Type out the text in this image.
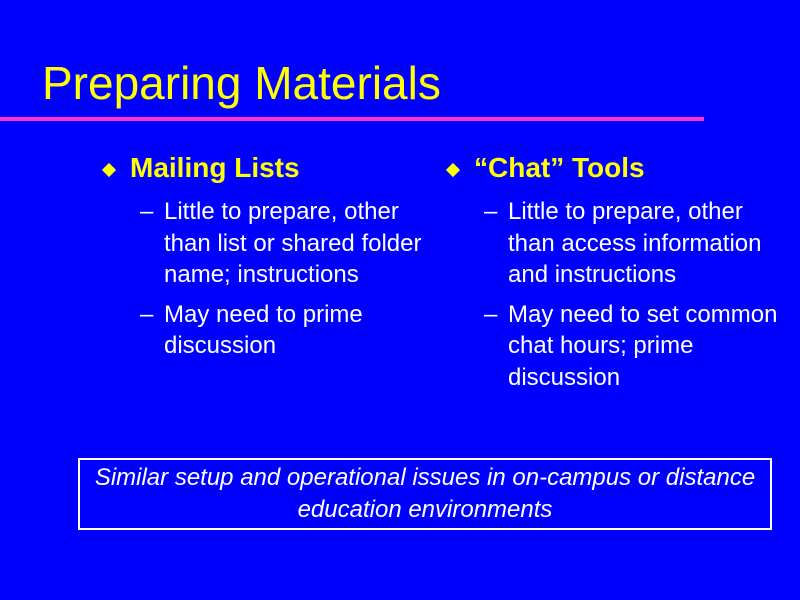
Preparing Materials
Mailing Lists
– Little to prepare, other than list or shared folder name; instructions
– May need to prime discussion
“Chat” Tools
– Little to prepare, other than access information and instructions
– May need to set common chat hours; prime discussion
Similar setup and operational issues in on-campus or distance education environments
